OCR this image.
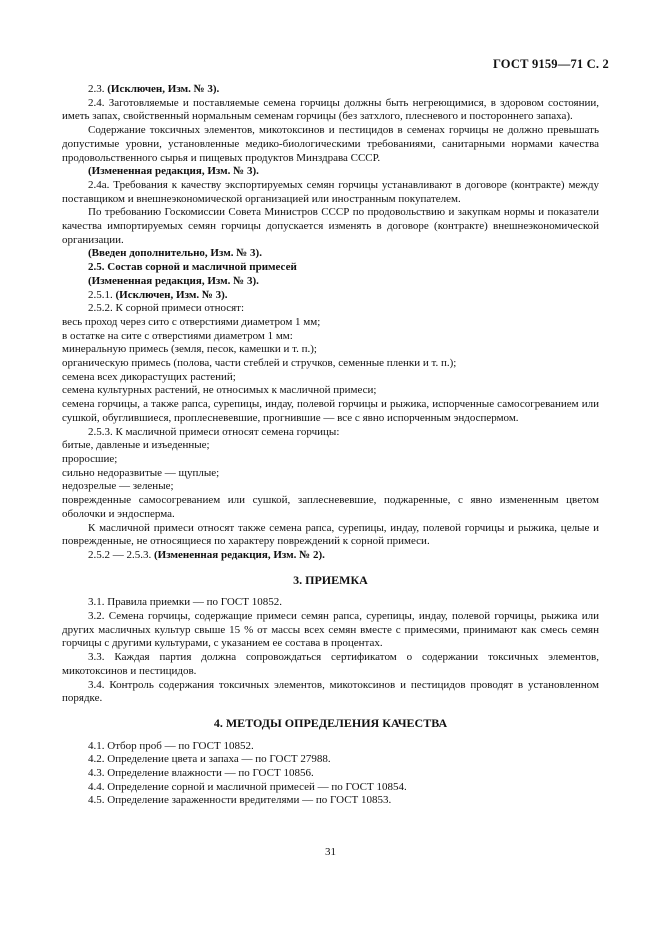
ГОСТ 9159—71 С. 2

2.3. (Исключен, Изм. № 3).

2.4. Заготовляемые и поставляемые семена горчицы должны быть негреющимися, в здоровом состоянии, иметь запах, свойственный нормальным семенам горчицы (без затхлого, плесневого и постороннего запаха).

Содержание токсичных элементов, микотоксинов и пестицидов в семенах горчицы не должно превышать допустимые уровни, установленные медико-биологическими требованиями, санитарными нормами качества продовольственного сырья и пищевых продуктов Минздрава СССР.

(Измененная редакция, Изм. № 3).

2.4а. Требования к качеству экспортируемых семян горчицы устанавливают в договоре (контракте) между поставщиком и внешнеэкономической организацией или иностранным покупателем.

По требованию Госкомиссии Совета Министров СССР по продовольствию и закупкам нормы и показатели качества импортируемых семян горчицы допускается изменять в договоре (контракте) внешнеэкономической организации.

(Введен дополнительно, Изм. № 3).

2.5. Состав сорной и масличной примесей

(Измененная редакция, Изм. № 3).

2.5.1. (Исключен, Изм. № 3).

2.5.2. К сорной примеси относят:

весь проход через сито с отверстиями диаметром 1 мм;

в остатке на сите с отверстиями диаметром 1 мм:

минеральную примесь (земля, песок, камешки и т. п.);

органическую примесь (полова, части стеблей и стручков, семенные пленки и т. п.);

семена всех дикорастущих растений;

семена культурных растений, не относимых к масличной примеси;

семена горчицы, а также рапса, сурепицы, индау, полевой горчицы и рыжика, испорченные самосогреванием или сушкой, обуглившиеся, проплесневевшие, прогнившие — все с явно испорченным эндоспермом.

2.5.3. К масличной примеси относят семена горчицы:

битые, давленые и изъеденные;

проросшие;

сильно недоразвитые — щуплые;

недозрелые — зеленые;

поврежденные самосогреванием или сушкой, заплесневевшие, поджаренные, с явно измененным цветом оболочки и эндосперма.

К масличной примеси относят также семена рапса, сурепицы, индау, полевой горчицы и рыжика, целые и поврежденные, не относящиеся по характеру повреждений к сорной примеси.

2.5.2 — 2.5.3. (Измененная редакция, Изм. № 2).

3. ПРИЕМКА

3.1. Правила приемки — по ГОСТ 10852.

3.2. Семена горчицы, содержащие примеси семян рапса, сурепицы, индау, полевой горчицы, рыжика или других масличных культур свыше 15 % от массы всех семян вместе с примесями, принимают как смесь семян горчицы с другими культурами, с указанием ее состава в процентах.

3.3. Каждая партия должна сопровождаться сертификатом о содержании токсичных элементов, микотоксинов и пестицидов.

3.4. Контроль содержания токсичных элементов, микотоксинов и пестицидов проводят в установленном порядке.

4. МЕТОДЫ ОПРЕДЕЛЕНИЯ КАЧЕСТВА

4.1. Отбор проб — по ГОСТ 10852.

4.2. Определение цвета и запаха — по ГОСТ 27988.

4.3. Определение влажности — по ГОСТ 10856.

4.4. Определение сорной и масличной примесей — по ГОСТ 10854.

4.5. Определение зараженности вредителями — по ГОСТ 10853.

31
